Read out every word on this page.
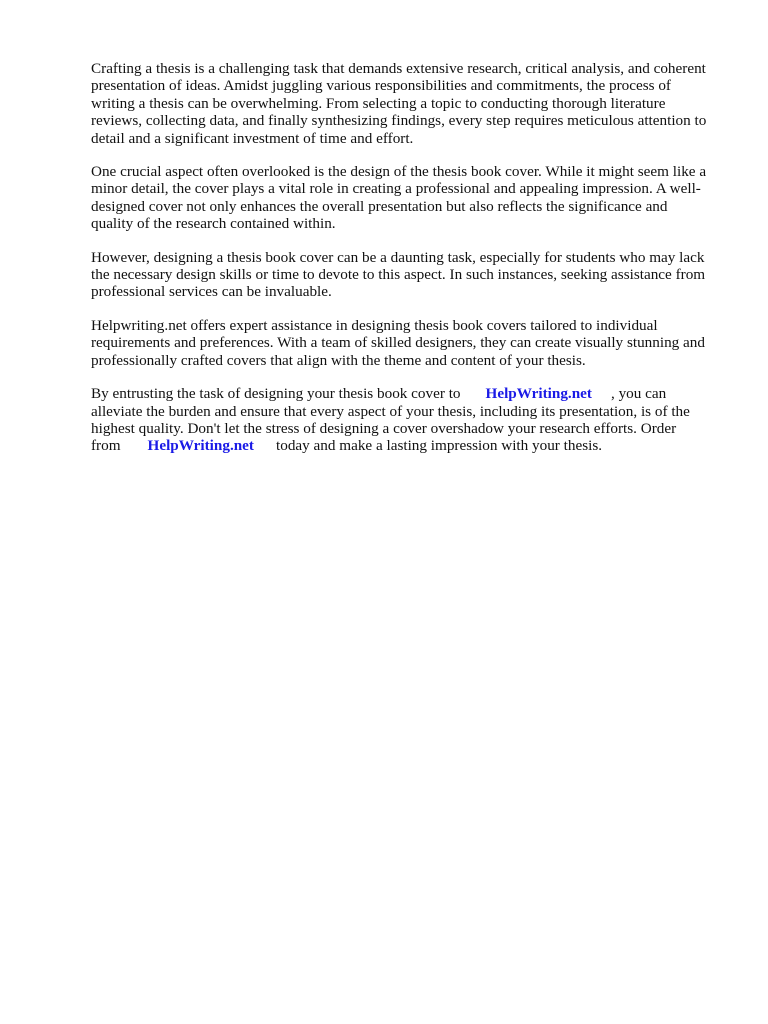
Crafting a thesis is a challenging task that demands extensive research, critical analysis, and coherent
presentation of ideas. Amidst juggling various responsibilities and commitments, the process of
writing a thesis can be overwhelming. From selecting a topic to conducting thorough literature
reviews, collecting data, and finally synthesizing findings, every step requires meticulous attention to
detail and a significant investment of time and effort.

One crucial aspect often overlooked is the design of the thesis book cover. While it might seem like a
minor detail, the cover plays a vital role in creating a professional and appealing impression. A well-
designed cover not only enhances the overall presentation but also reflects the significance and
quality of the research contained within.

However, designing a thesis book cover can be a daunting task, especially for students who may lack
the necessary design skills or time to devote to this aspect. In such instances, seeking assistance from
professional services can be invaluable.

Helpwriting.net offers expert assistance in designing thesis book covers tailored to individual
requirements and preferences. With a team of skilled designers, they can create visually stunning and
professionally crafted covers that align with the theme and content of your thesis.

By entrusting the task of designing your thesis book cover to HelpWriting.net , you can
alleviate the burden and ensure that every aspect of your thesis, including its presentation, is of the
highest quality. Don't let the stress of designing a cover overshadow your research efforts. Order
from HelpWriting.net today and make a lasting impression with your thesis.
